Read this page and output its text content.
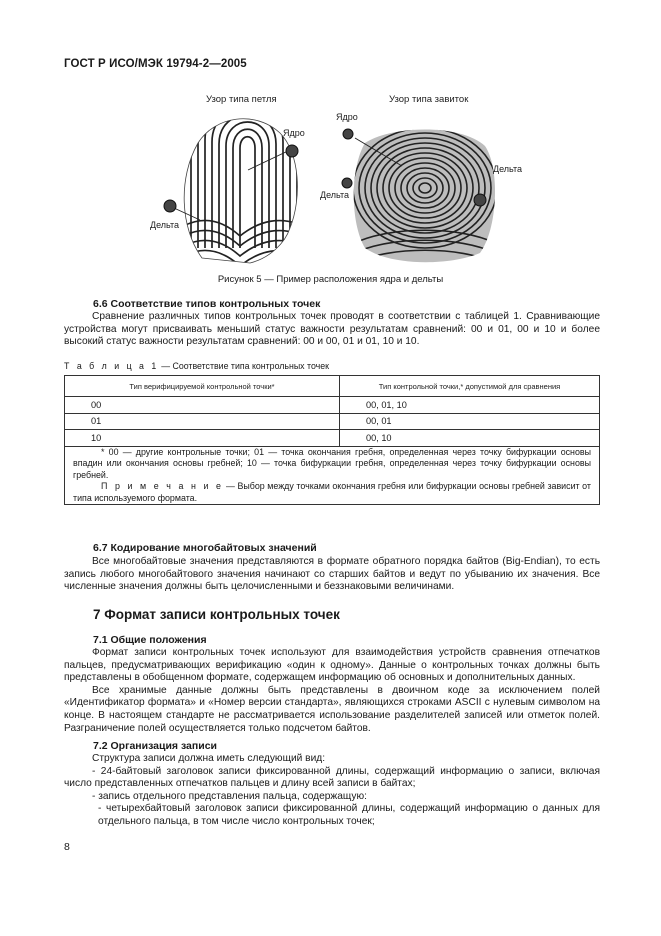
ГОСТ Р ИСО/МЭК 19794-2—2005
Узор типа петля	Узор типа завиток
Ядро
Дельта
Ядро
Дельта
Дельта
Рисунок 5 — Пример расположения ядра и дельты
6.6 Соответствие типов контрольных точек

Сравнение различных типов контрольных точек проводят в соответствии с таблицей 1. Сравнивающие устройства могут присваивать меньший статус важности результатам сравнений: 00 и 01, 00 и 10 и более высокий статус важности результатам сравнений: 00 и 00, 01 и 01, 10 и 10.

Т а б л и ц а 1 — Соответствие типа контрольных точек
Тип верифицируемой контрольной точки*	Тип контрольной точки,* допустимой для сравнения
00	00, 01, 10
01	00, 01
10	00, 10

* 00 — другие контрольные точки; 01 — точка окончания гребня, определенная через точку бифуркации основы впадин или окончания основы гребней; 10 — точка бифуркации гребня, определенная через точку бифуркации основы гребней.

П р и м е ч а н и е — Выбор между точками окончания гребня или бифуркации основы гребней зависит от типа используемого формата.	

6.7 Кодирование многобайтовых значений

Все многобайтовые значения представляются в формате обратного порядка байтов (Big-Endian), то есть запись любого многобайтового значения начинают со старших байтов и ведут по убыванию их значения. Все численные значения должны быть целочисленными и беззнаковыми величинами.

7 Формат записи контрольных точек
7.1 Общие положения

Формат записи контрольных точек используют для взаимодействия устройств сравнения отпечатков пальцев, предусматривающих верификацию «один к одному». Данные о контрольных точках должны быть представлены в обобщенном формате, содержащем информацию об основных и дополнительных данных.

Все хранимые данные должны быть представлены в двоичном коде за исключением полей «Идентификатор формата» и «Номер версии стандарта», являющихся строками ASCII с нулевым символом на конце. В настоящем стандарте не рассматривается использование разделителей записей или отметок полей. Разграничение полей осуществляется только подсчетом байтов.

7.2 Организация записи

Структура записи должна иметь следующий вид:

- 24-байтовый заголовок записи фиксированной длины, содержащий информацию о записи, включая число представленных отпечатков пальцев и длину всей записи в байтах;

- запись отдельного представления пальца, содержащую:

- четырехбайтовый заголовок записи фиксированной длины, содержащий информацию о данных для отдельного пальца, в том числе число контрольных точек;

8
